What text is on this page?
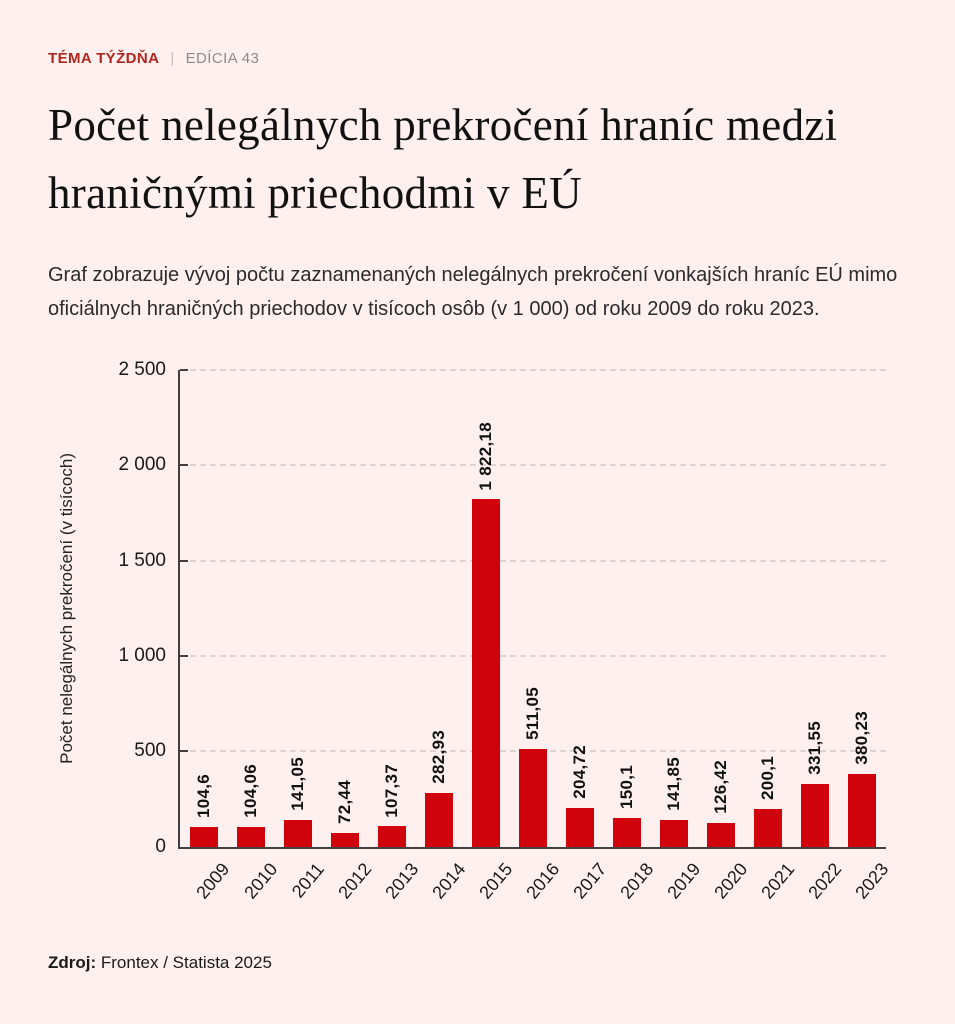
TÉMA TÝŽDŇA | EDÍCIA 43
Počet nelegálnych prekročení hraníc medzi hraničnými priechodmi v EÚ

Graf zobrazuje vývoj počtu zaznamenaných nelegálnych prekročení vonkajších hraníc EÚ mimo oficiálnych hraničných priechodov v tisícoch osôb (v 1 000) od roku 2009 do roku 2023.

Počet nelegálnych prekročení (v tisícoch)
0
500
1 000
1 500
2 000
2 500
104,6
2009
104,06
2010
141,05
2011
72,44
2012
107,37
2013
282,93
2014
1 822,18
2015
511,05
2016
204,72
2017
150,1
2018
141,85
2019
126,42
2020
200,1
2021
331,55
2022
380,23
2023

Zdroj: Frontex / Statista 2025
